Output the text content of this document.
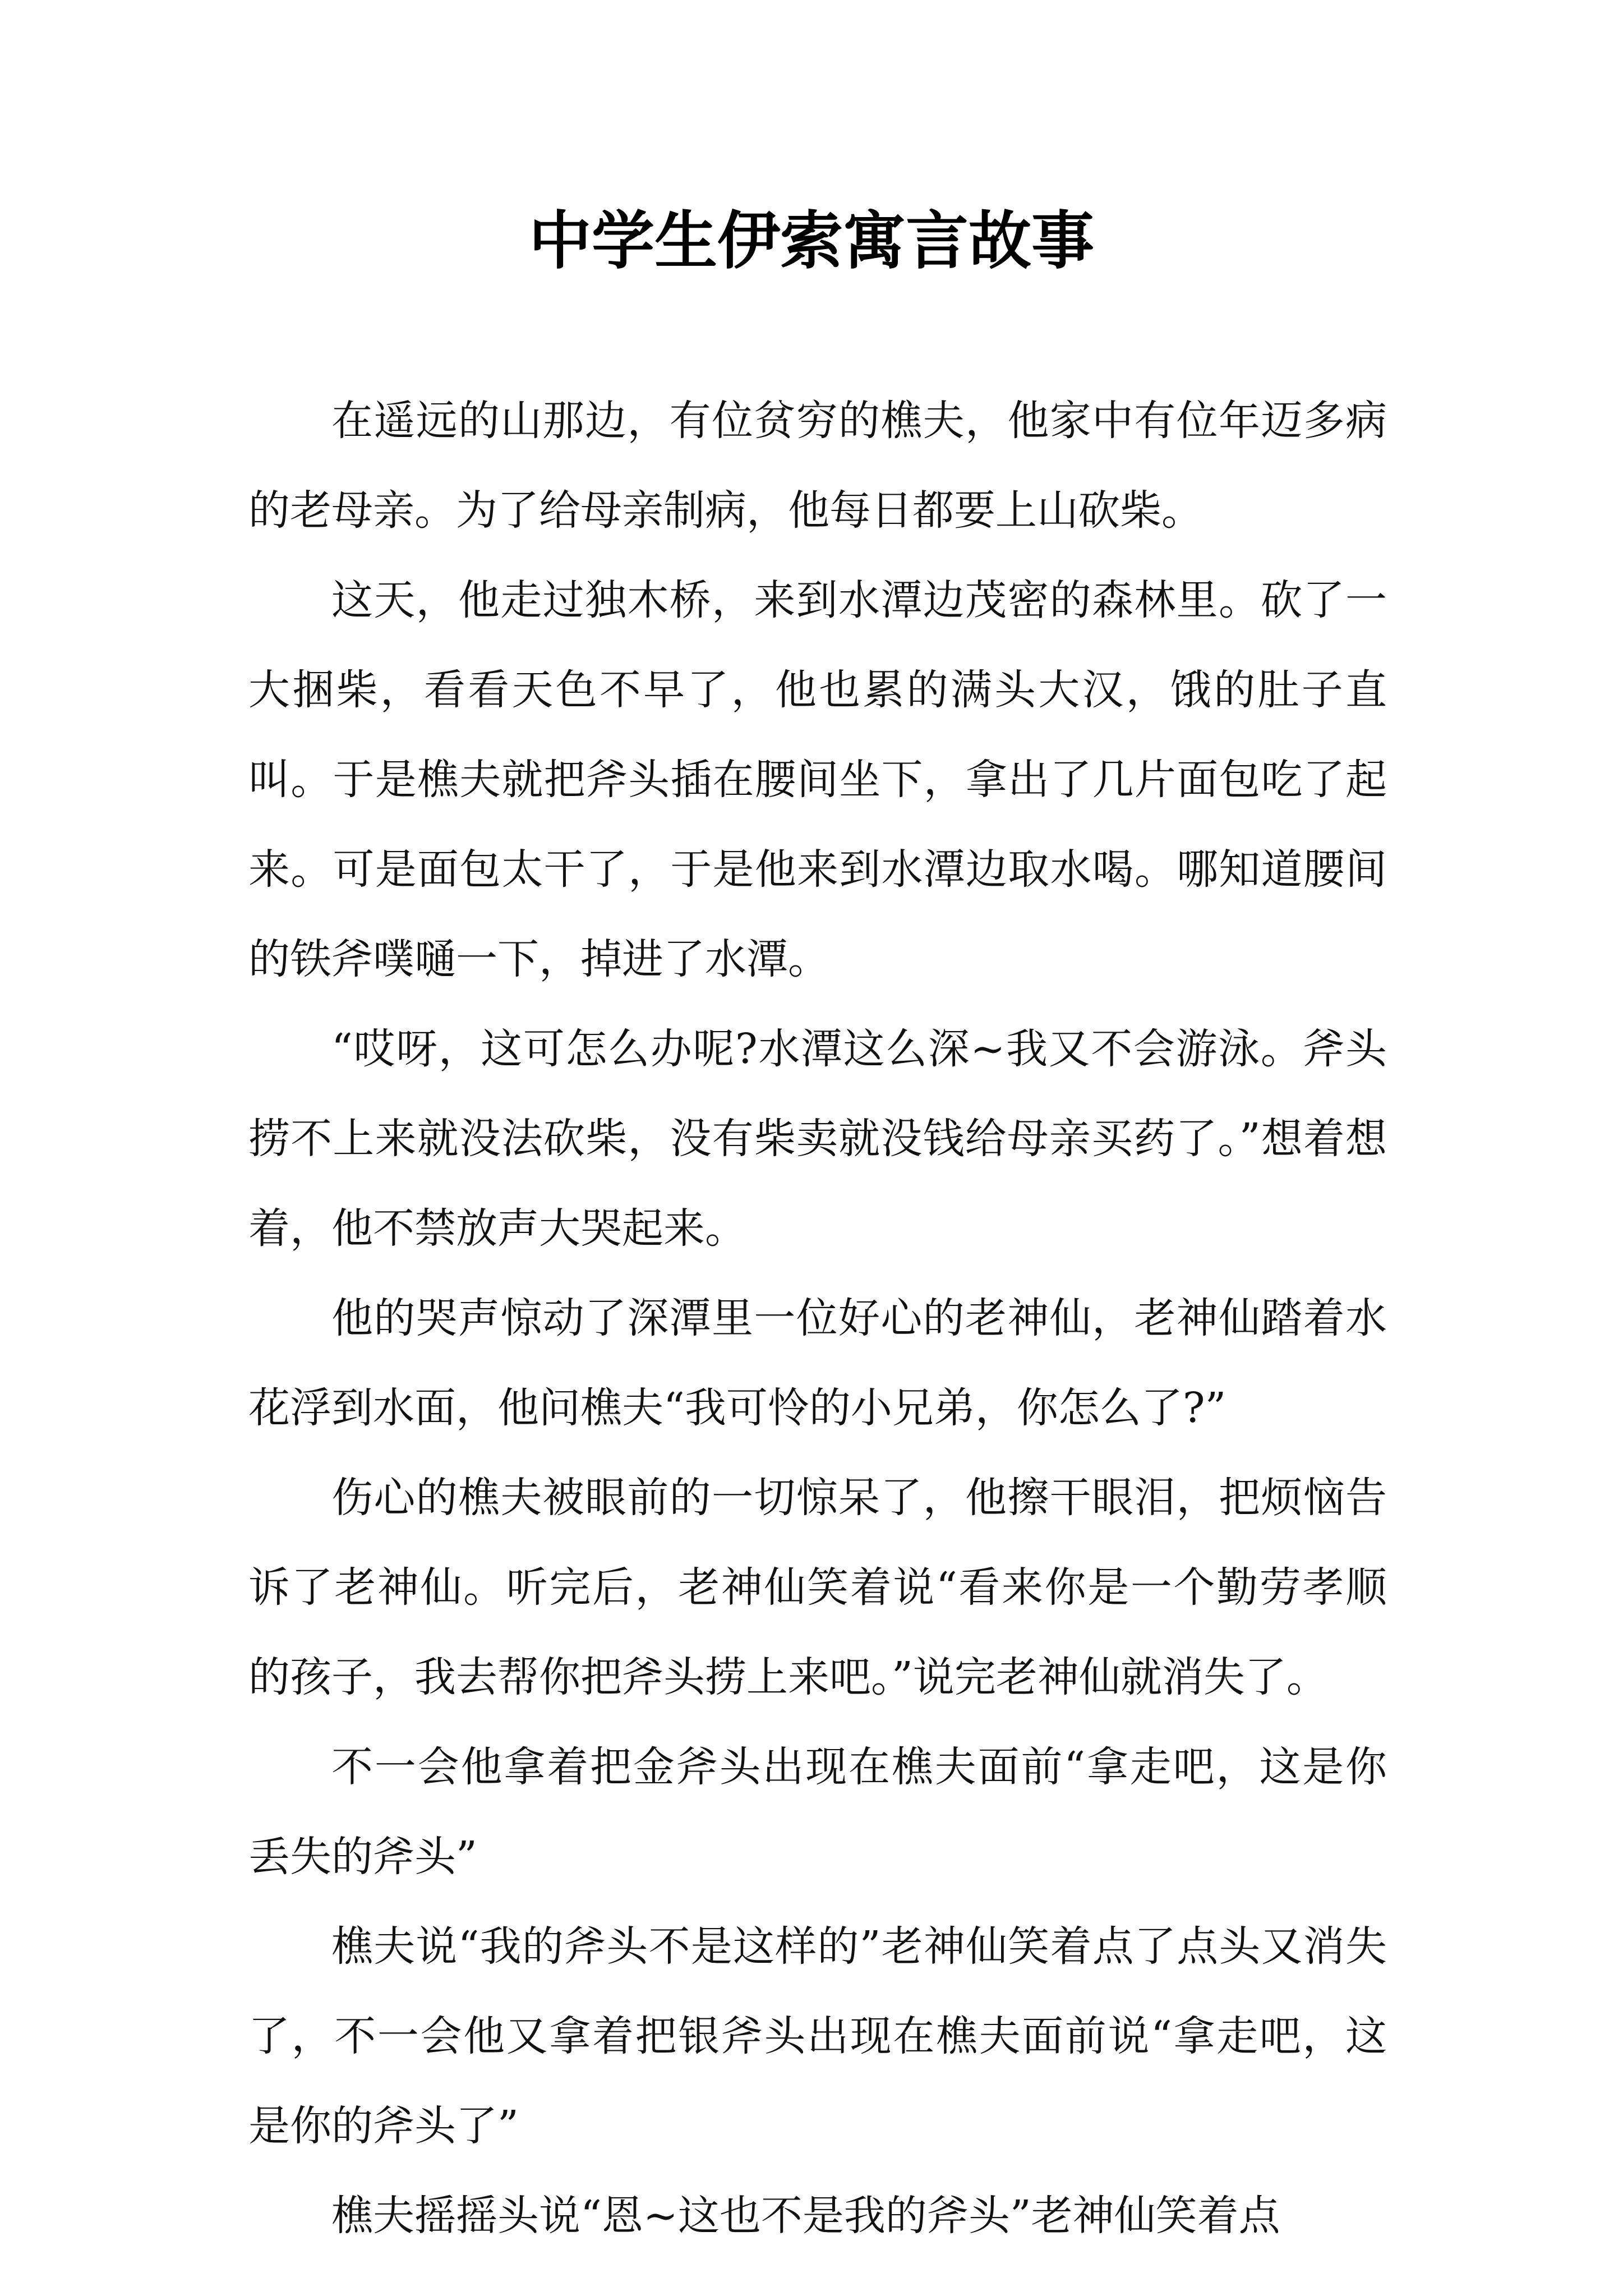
中学生伊索寓言故事

在遥远的山那边，有位贫穷的樵夫，他家中有位年迈多病的老母亲。为了给母亲制病，他每日都要上山砍柴。

这天，他走过独木桥，来到水潭边茂密的森林里。砍了一大捆柴，看看天色不早了，他也累的满头大汉，饿的肚子直叫。于是樵夫就把斧头插在腰间坐下，拿出了几片面包吃了起来。可是面包太干了，于是他来到水潭边取水喝。哪知道腰间的铁斧噗嗵一下，掉进了水潭。

“哎呀，这可怎么办呢?水潭这么深~我又不会游泳。斧头捞不上来就没法砍柴，没有柴卖就没钱给母亲买药了。”想着想着，他不禁放声大哭起来。

他的哭声惊动了深潭里一位好心的老神仙，老神仙踏着水花浮到水面，他问樵夫“我可怜的小兄弟，你怎么了?”

伤心的樵夫被眼前的一切惊呆了，他擦干眼泪，把烦恼告诉了老神仙。听完后，老神仙笑着说“看来你是一个勤劳孝顺的孩子，我去帮你把斧头捞上来吧。”说完老神仙就消失了。

不一会他拿着把金斧头出现在樵夫面前“拿走吧，这是你丢失的斧头”

樵夫说“我的斧头不是这样的”老神仙笑着点了点头又消失了，不一会他又拿着把银斧头出现在樵夫面前说“拿走吧，这是你的斧头了”

樵夫摇摇头说“恩~这也不是我的斧头”老神仙笑着点
